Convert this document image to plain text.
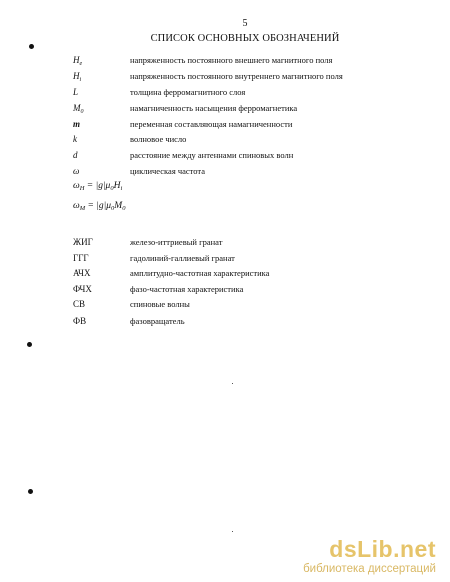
5
СПИСОК ОСНОВНЫХ ОБОЗНАЧЕНИЙ
$H_e$	напряженность постоянного внешнего магнитного поля
$H_i$	напряженность постоянного внутреннего магнитного поля
L	толщина ферромагнитного слоя
$M_0$	намагниченность насыщения ферромагнетика
m	переменная составляющая намагниченности
k	волновое число
d	расстояние между антеннами спиновых волн
ω	циклическая частота
$\omega_H = |g|\mu_0H_i$
$\omega_M = |g|\mu_0M_0$
ЖИГ	железо-иттриевый гранат
ГГГ	гадолиний-галлиевый гранат
АЧХ	амплитудно-частотная характеристика
ФЧХ	фазо-частотная характеристика
СВ	спиновые волны
ФВ	фазовращатель
dsLib.net
библиотека диссертаций
